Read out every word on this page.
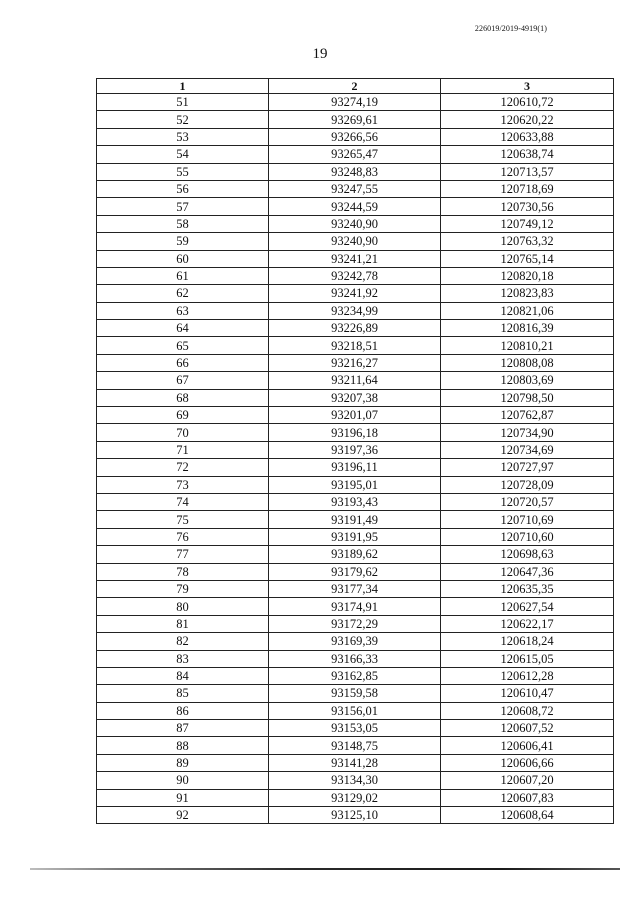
226019/2019-4919(1)
19
1	2	3
51	93274,19	120610,72
52	93269,61	120620,22
53	93266,56	120633,88
54	93265,47	120638,74
55	93248,83	120713,57
56	93247,55	120718,69
57	93244,59	120730,56
58	93240,90	120749,12
59	93240,90	120763,32
60	93241,21	120765,14
61	93242,78	120820,18
62	93241,92	120823,83
63	93234,99	120821,06
64	93226,89	120816,39
65	93218,51	120810,21
66	93216,27	120808,08
67	93211,64	120803,69
68	93207,38	120798,50
69	93201,07	120762,87
70	93196,18	120734,90
71	93197,36	120734,69
72	93196,11	120727,97
73	93195,01	120728,09
74	93193,43	120720,57
75	93191,49	120710,69
76	93191,95	120710,60
77	93189,62	120698,63
78	93179,62	120647,36
79	93177,34	120635,35
80	93174,91	120627,54
81	93172,29	120622,17
82	93169,39	120618,24
83	93166,33	120615,05
84	93162,85	120612,28
85	93159,58	120610,47
86	93156,01	120608,72
87	93153,05	120607,52
88	93148,75	120606,41
89	93141,28	120606,66
90	93134,30	120607,20
91	93129,02	120607,83
92	93125,10	120608,64
